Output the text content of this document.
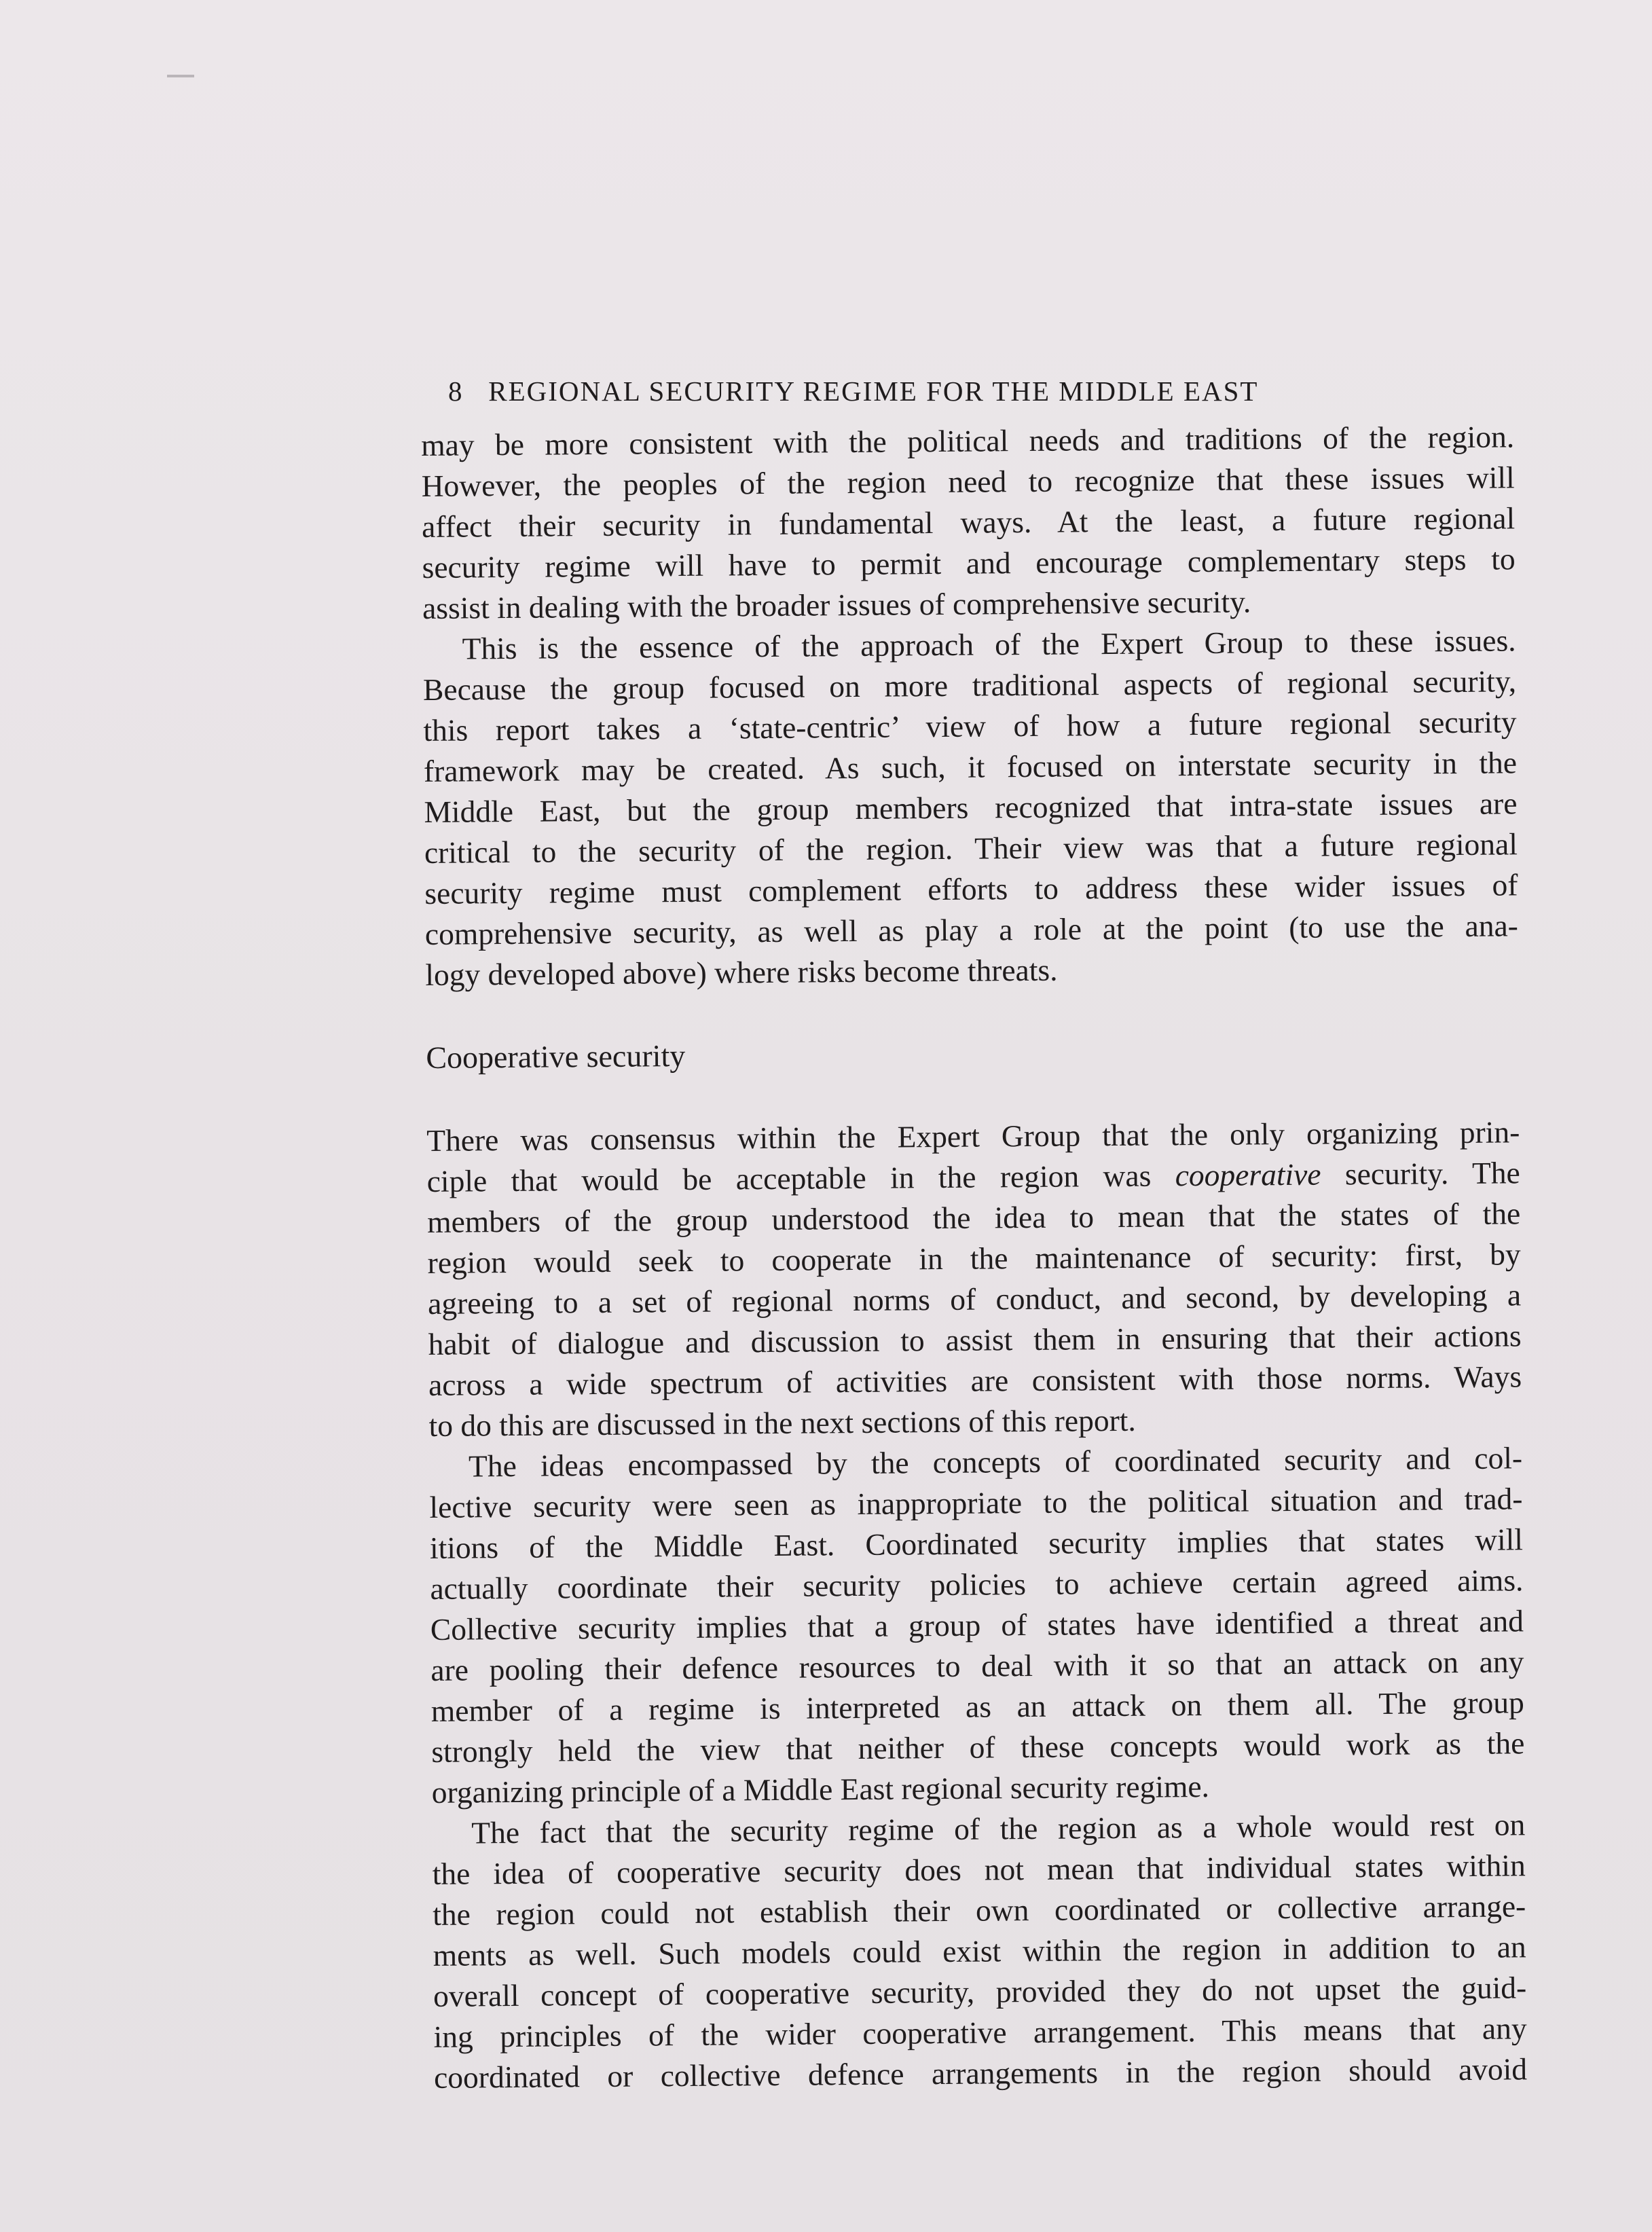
8 REGIONAL SECURITY REGIME FOR THE MIDDLE EAST

may be more consistent with the political needs and traditions of the region.
However, the peoples of the region need to recognize that these issues will
affect their security in fundamental ways. At the least, a future regional
security regime will have to permit and encourage complementary steps to
assist in dealing with the broader issues of comprehensive security.

This is the essence of the approach of the Expert Group to these issues.
Because the group focused on more traditional aspects of regional security,
this report takes a ‘state-centric’ view of how a future regional security
framework may be created. As such, it focused on interstate security in the
Middle East, but the group members recognized that intra-state issues are
critical to the security of the region. Their view was that a future regional
security regime must complement efforts to address these wider issues of
comprehensive security, as well as play a role at the point (to use the ana-
logy developed above) where risks become threats.

Cooperative security

There was consensus within the Expert Group that the only organizing prin-
ciple that would be acceptable in the region was cooperative security. The
members of the group understood the idea to mean that the states of the
region would seek to cooperate in the maintenance of security: first, by
agreeing to a set of regional norms of conduct, and second, by developing a
habit of dialogue and discussion to assist them in ensuring that their actions
across a wide spectrum of activities are consistent with those norms. Ways
to do this are discussed in the next sections of this report.

The ideas encompassed by the concepts of coordinated security and col-
lective security were seen as inappropriate to the political situation and trad-
itions of the Middle East. Coordinated security implies that states will
actually coordinate their security policies to achieve certain agreed aims.
Collective security implies that a group of states have identified a threat and
are pooling their defence resources to deal with it so that an attack on any
member of a regime is interpreted as an attack on them all. The group
strongly held the view that neither of these concepts would work as the
organizing principle of a Middle East regional security regime.

The fact that the security regime of the region as a whole would rest on
the idea of cooperative security does not mean that individual states within
the region could not establish their own coordinated or collective arrange-
ments as well. Such models could exist within the region in addition to an
overall concept of cooperative security, provided they do not upset the guid-
ing principles of the wider cooperative arrangement. This means that any
coordinated or collective defence arrangements in the region should avoid
